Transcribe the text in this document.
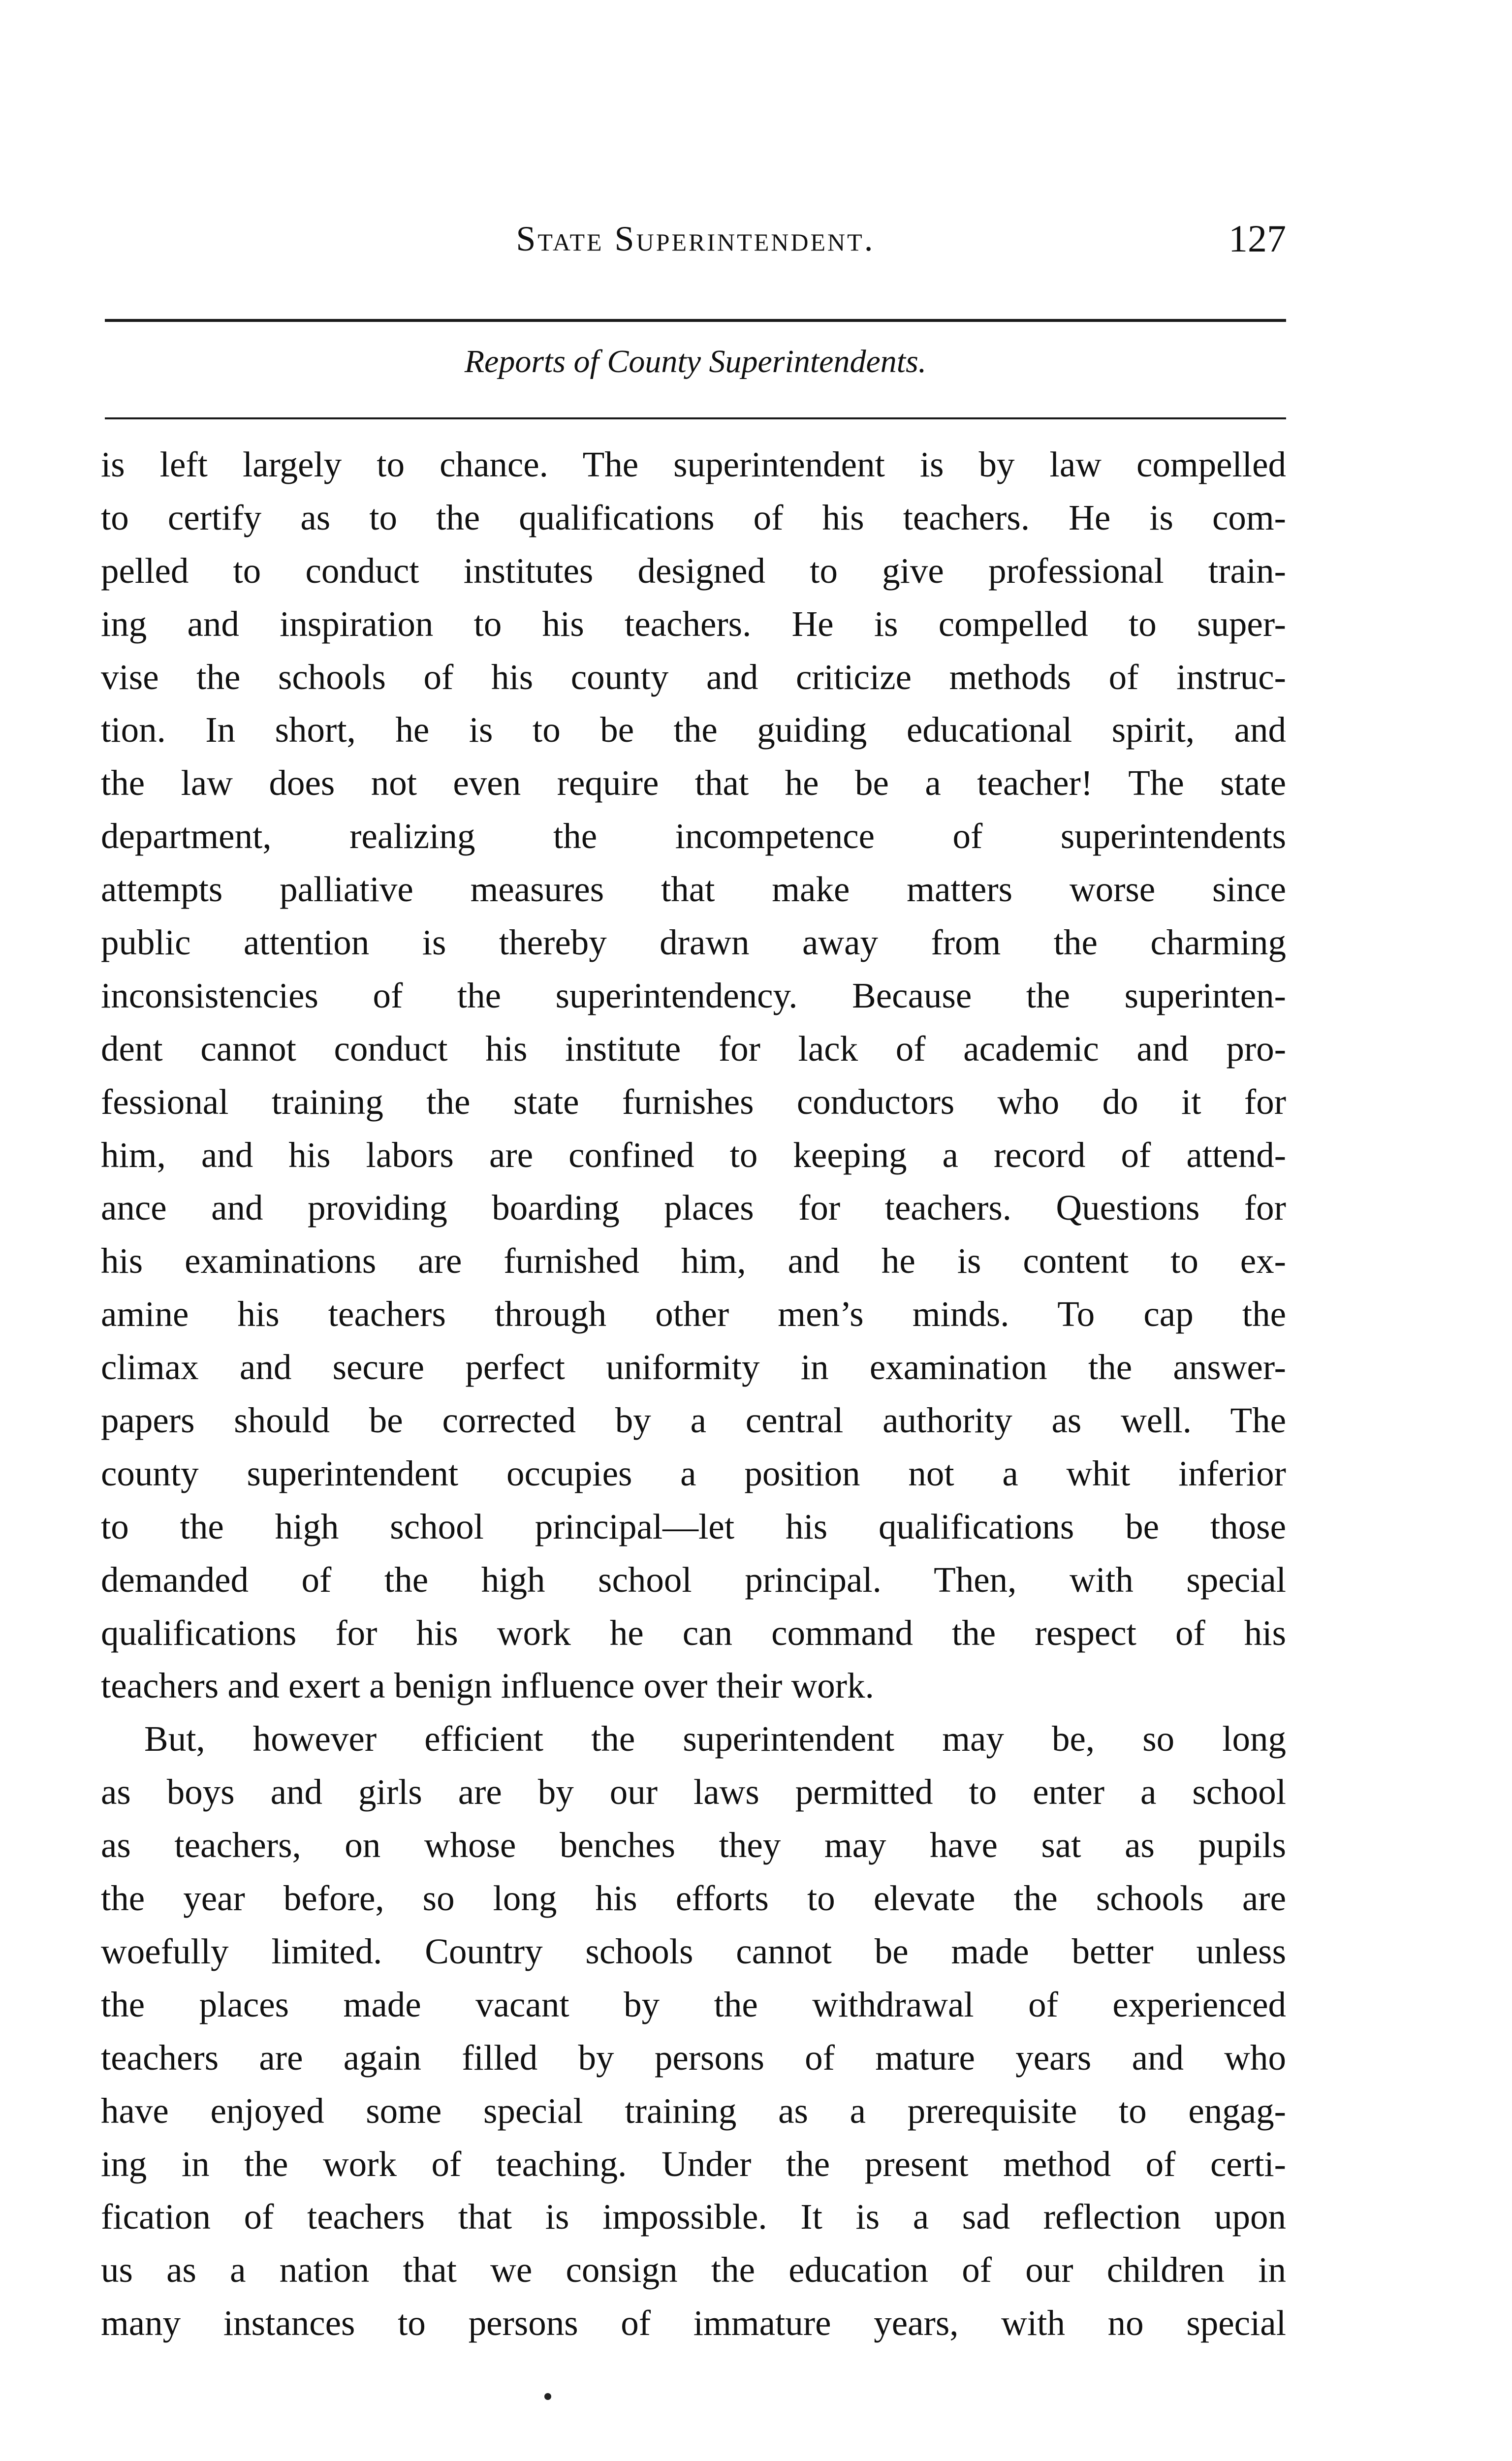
State Superintendent.	127
Reports of County Superintendents.
is left largely to chance. The superintendent is by law compelled
to certify as to the qualifications of his teachers. He is com-
pelled to conduct institutes designed to give professional train-
ing and inspiration to his teachers. He is compelled to super-
vise the schools of his county and criticize methods of instruc-
tion. In short, he is to be the guiding educational spirit, and
the law does not even require that he be a teacher! The state
department, realizing the incompetence of superintendents
attempts palliative measures that make matters worse since
public attention is thereby drawn away from the charming
inconsistencies of the superintendency. Because the superinten-
dent cannot conduct his institute for lack of academic and pro-
fessional training the state furnishes conductors who do it for
him, and his labors are confined to keeping a record of attend-
ance and providing boarding places for teachers. Questions for
his examinations are furnished him, and he is content to ex-
amine his teachers through other men’s minds. To cap the
climax and secure perfect uniformity in examination the answer-
papers should be corrected by a central authority as well. The
county superintendent occupies a position not a whit inferior
to the high school principal—let his qualifications be those
demanded of the high school principal. Then, with special
qualifications for his work he can command the respect of his
teachers and exert a benign influence over their work.
But, however efficient the superintendent may be, so long
as boys and girls are by our laws permitted to enter a school
as teachers, on whose benches they may have sat as pupils
the year before, so long his efforts to elevate the schools are
woefully limited. Country schools cannot be made better unless
the places made vacant by the withdrawal of experienced
teachers are again filled by persons of mature years and who
have enjoyed some special training as a prerequisite to engag-
ing in the work of teaching. Under the present method of certi-
fication of teachers that is impossible. It is a sad reflection upon
us as a nation that we consign the education of our children in
many instances to persons of immature years, with no special
